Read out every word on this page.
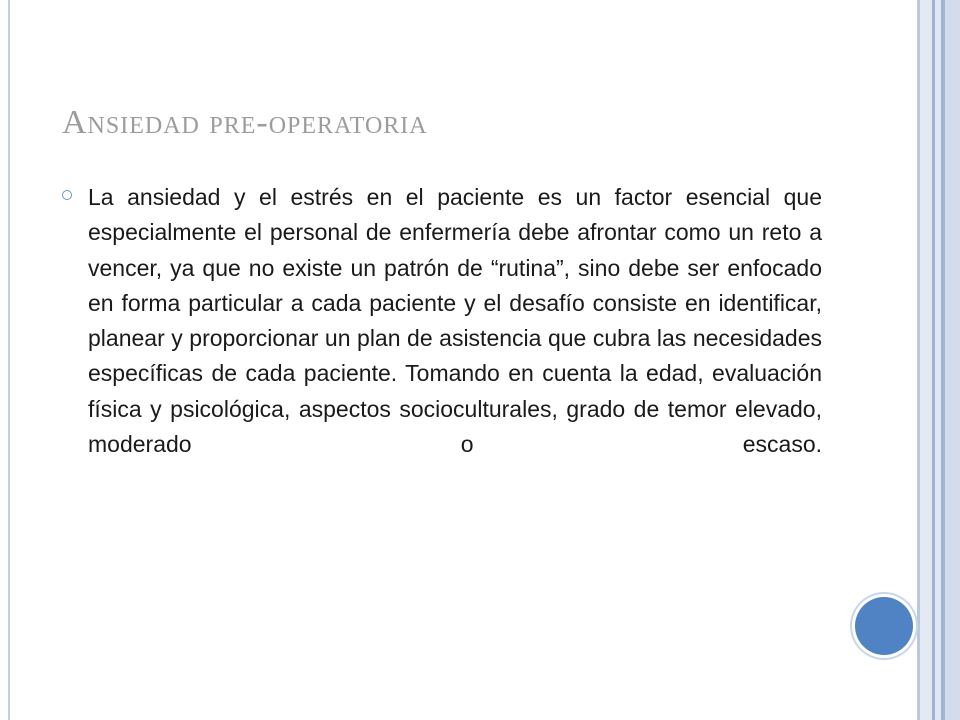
Ansiedad pre-operatoria
La ansiedad y el estrés en el paciente es un factor esencial que especialmente el personal de enfermería debe afrontar como un reto a vencer, ya que no existe un patrón de “rutina”, sino debe ser enfocado en forma particular a cada paciente y el desafío consiste en identificar, planear y proporcionar un plan de asistencia que cubra las necesidades específicas de cada paciente. Tomando en cuenta la edad, evaluación física y psicológica, aspectos socioculturales, grado de temor elevado, moderado o escaso.
